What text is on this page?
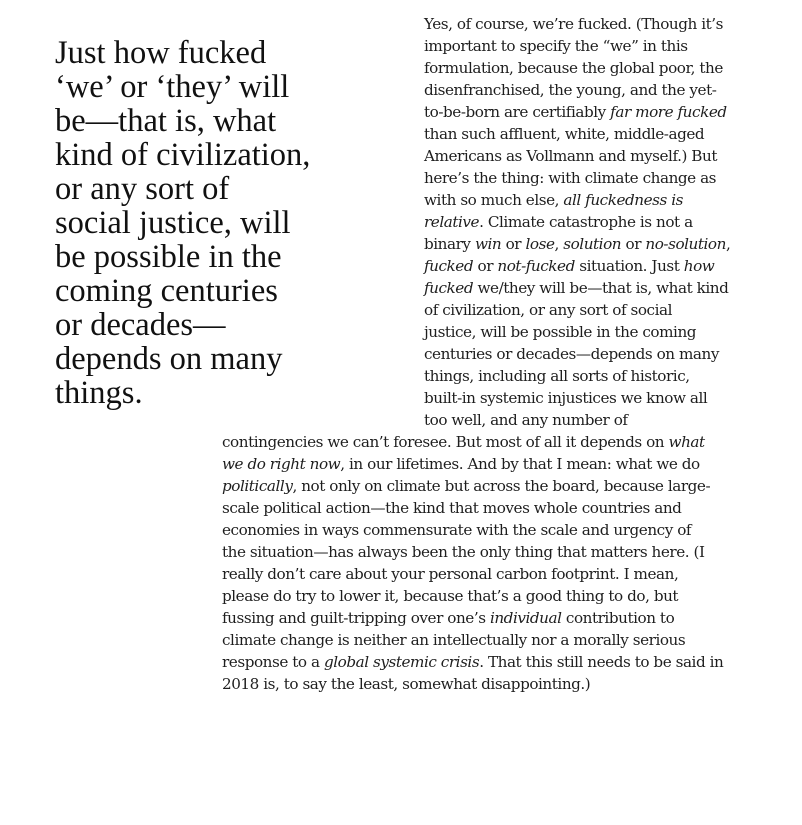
Just how fucked
‘we’ or ‘they’ will
be—that is, what
kind of civilization,
or any sort of
social justice, will
be possible in the
coming centuries
or decades—
depends on many
things.
Yes, of course, we’re fucked. (Though it’s
important to specify the “we” in this
formulation, because the global poor, the
disenfranchised, the young, and the yet-
to-be-born are certifiably far more fucked
than such affluent, white, middle-aged
Americans as Vollmann and myself.) But
here’s the thing: with climate change as
with so much else, all fuckedness is
relative. Climate catastrophe is not a
binary win or lose, solution or no-solution,
fucked or not-fucked situation. Just how
fucked we/they will be—that is, what kind
of civilization, or any sort of social
justice, will be possible in the coming
centuries or decades—depends on many
things, including all sorts of historic,
built-in systemic injustices we know all
too well, and any number of
contingencies we can’t foresee. But most of all it depends on what
we do right now, in our lifetimes. And by that I mean: what we do
politically, not only on climate but across the board, because large-
scale political action—the kind that moves whole countries and
economies in ways commensurate with the scale and urgency of
the situation—has always been the only thing that matters here. (I
really don’t care about your personal carbon footprint. I mean,
please do try to lower it, because that’s a good thing to do, but
fussing and guilt-tripping over one’s individual contribution to
climate change is neither an intellectually nor a morally serious
response to a global systemic crisis. That this still needs to be said in
2018 is, to say the least, somewhat disappointing.)
